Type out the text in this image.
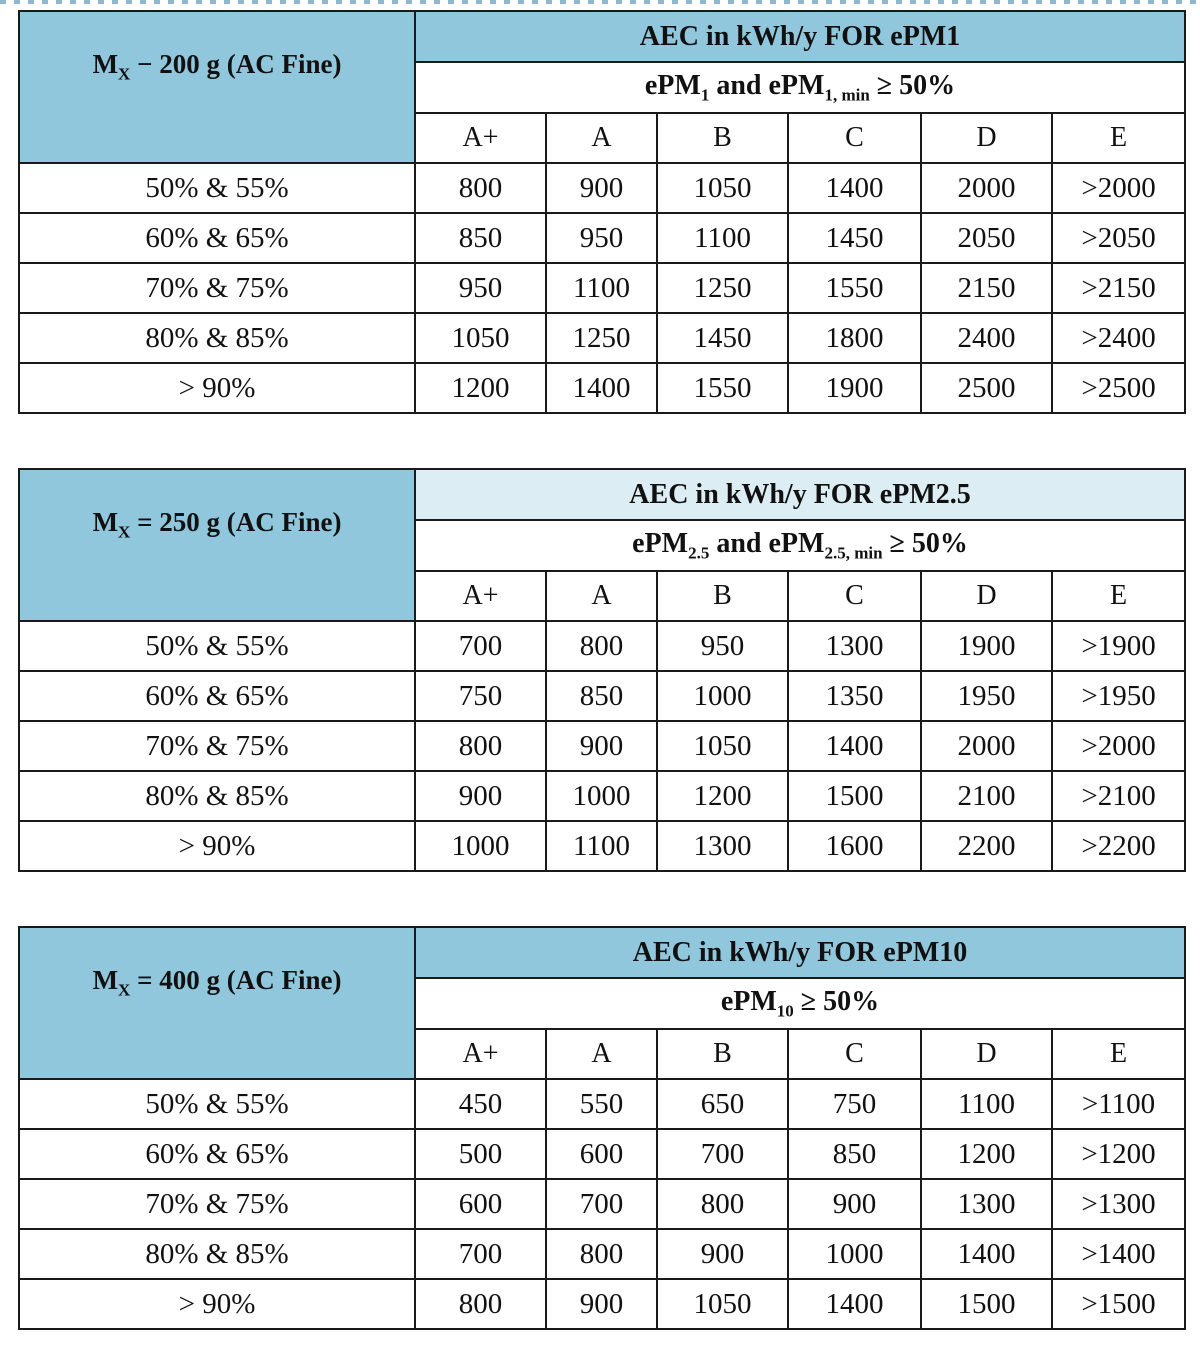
$M_X - 200$ g (AC Fine)	AEC in kWh/y FOR ePM1					
	ePM$_1$ and ePM$_{1, min}$ ≥ 50%					
	A+	A	B	C	D	E
50% & 55%	800	900	1050	1400	2000	>2000
60% & 65%	850	950	1100	1450	2050	>2050
70% & 75%	950	1100	1250	1550	2150	>2150
80% & 85%	1050	1250	1450	1800	2400	>2400
> 90%	1200	1400	1550	1900	2500	>2500
$M_X = 250$ g (AC Fine)	AEC in kWh/y FOR ePM2.5					
	ePM$_{2.5}$ and ePM$_{2.5, min}$ ≥ 50%					
	A+	A	B	C	D	E
50% & 55%	700	800	950	1300	1900	>1900
60% & 65%	750	850	1000	1350	1950	>1950
70% & 75%	800	900	1050	1400	2000	>2000
80% & 85%	900	1000	1200	1500	2100	>2100
> 90%	1000	1100	1300	1600	2200	>2200
$M_X = 400$ g (AC Fine)	AEC in kWh/y FOR ePM10					
	ePM$_{10}$ ≥ 50%					
	A+	A	B	C	D	E
50% & 55%	450	550	650	750	1100	>1100
60% & 65%	500	600	700	850	1200	>1200
70% & 75%	600	700	800	900	1300	>1300
80% & 85%	700	800	900	1000	1400	>1400
> 90%	800	900	1050	1400	1500	>1500
